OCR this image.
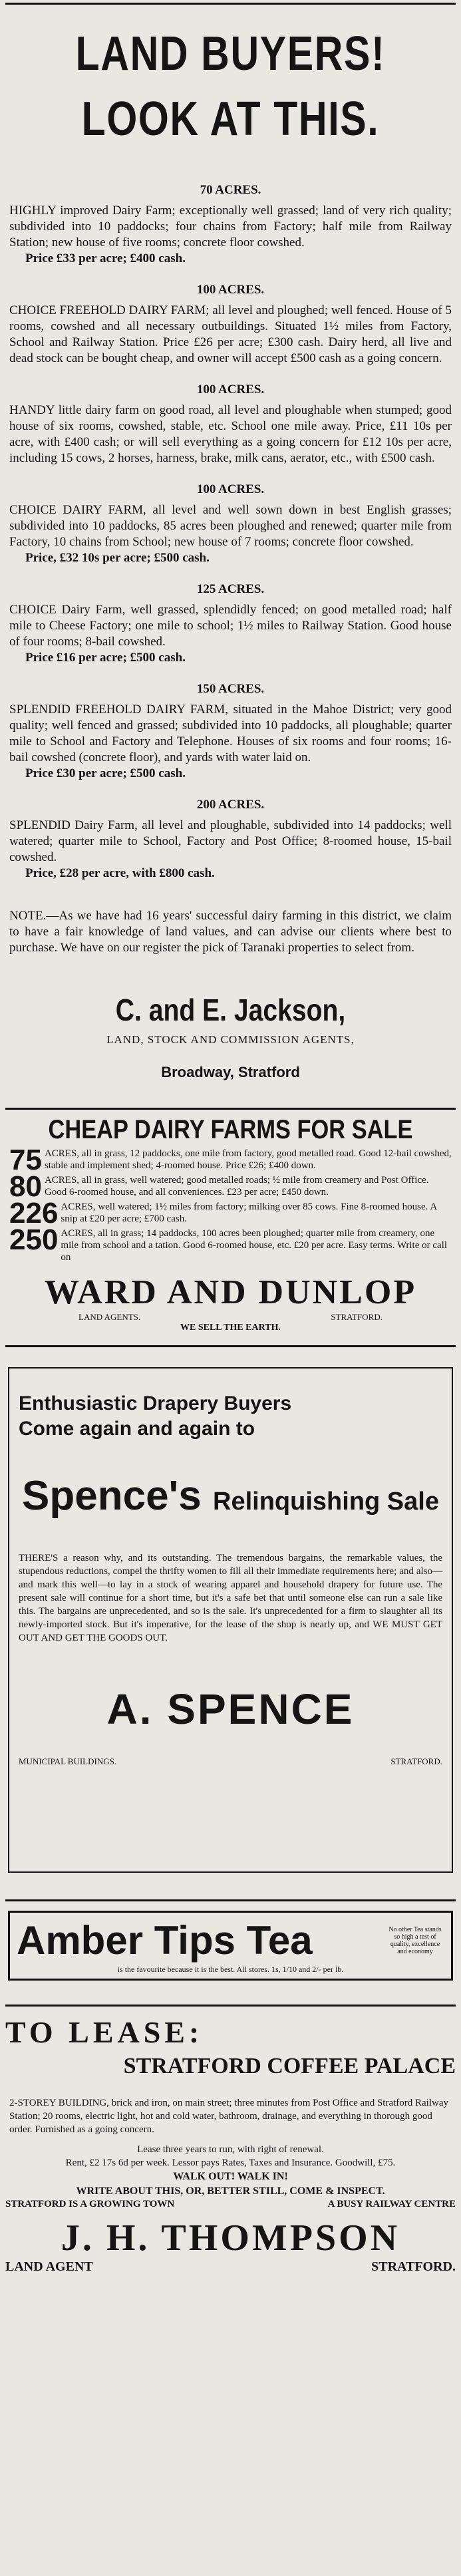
LAND BUYERS!
LOOK AT THIS.
70 ACRES.
HIGHLY improved Dairy Farm; exceptionally well grassed; land of very rich quality; subdivided into 10 paddocks; four chains from Factory; half mile from Railway Station; new house of five rooms; concrete floor cowshed.
Price £33 per acre; £400 cash.
100 ACRES.
CHOICE FREEHOLD DAIRY FARM; all level and ploughed; well fenced. House of 5 rooms, cowshed and all necessary outbuildings. Situated 1½ miles from Factory, School and Railway Station. Price £26 per acre; £300 cash. Dairy herd, all live and dead stock can be bought cheap, and owner will accept £500 cash as a going concern.
100 ACRES.
HANDY little dairy farm on good road, all level and ploughable when stumped; good house of six rooms, cowshed, stable, etc. School one mile away. Price, £11 10s per acre, with £400 cash; or will sell everything as a going concern for £12 10s per acre, including 15 cows, 2 horses, harness, brake, milk cans, aerator, etc., with £500 cash.
100 ACRES.
CHOICE DAIRY FARM, all level and well sown down in best English grasses; subdivided into 10 paddocks, 85 acres been ploughed and renewed; quarter mile from Factory, 10 chains from School; new house of 7 rooms; concrete floor cowshed.
Price, £32 10s per acre; £500 cash.
125 ACRES.
CHOICE Dairy Farm, well grassed, splendidly fenced; on good metalled road; half mile to Cheese Factory; one mile to school; 1½ miles to Railway Station. Good house of four rooms; 8-bail cowshed.
Price £16 per acre; £500 cash.
150 ACRES.
SPLENDID FREEHOLD DAIRY FARM, situated in the Mahoe District; very good quality; well fenced and grassed; subdivided into 10 paddocks, all ploughable; quarter mile to School and Factory and Telephone. Houses of six rooms and four rooms; 16-bail cowshed (concrete floor), and yards with water laid on.
Price £30 per acre; £500 cash.
200 ACRES.
SPLENDID Dairy Farm, all level and ploughable, subdivided into 14 paddocks; well watered; quarter mile to School, Factory and Post Office; 8-roomed house, 15-bail cowshed.
Price, £28 per acre, with £800 cash.
NOTE.—As we have had 16 years' successful dairy farming in this district, we claim to have a fair knowledge of land values, and can advise our clients where best to purchase. We have on our register the pick of Taranaki properties to select from.
C. and E. Jackson,
LAND, STOCK AND COMMISSION AGENTS,
Broadway, Stratford
CHEAP DAIRY FARMS FOR SALE
75 ACRES, all in grass, 12 paddocks, one mile from factory, good metalled road. Good 12-bail cowshed, stable and implement shed; 4-roomed house. Price £26; £400 down.
80 ACRES, all in grass, well watered; good metalled roads; ½ mile from creamery and Post Office. Good 6-roomed house, and all conveniences. £23 per acre; £450 down.
226 ACRES, well watered; 1½ miles from factory; milking over 85 cows. Fine 8-roomed house. A snip at £20 per acre; £700 cash.
250 ACRES, all in grass; 14 paddocks, 100 acres been ploughed; quarter mile from creamery, one mile from school and a tation. Good 6-roomed house, etc. £20 per acre. Easy terms. Write or call on
WARD AND DUNLOP
LAND AGENTS.	STRATFORD.
WE SELL THE EARTH.
Enthusiastic Drapery Buyers
Come again and again to
Spence's Relinquishing Sale
THERE'S a reason why, and its outstanding. The tremendous bargains, the remarkable values, the stupendous reductions, compel the thrifty women to fill all their immediate requirements here; and also—and mark this well—to lay in a stock of wearing apparel and household drapery for future use. The present sale will continue for a short time, but it's a safe bet that until someone else can run a sale like this. The bargains are unprecedented, and so is the sale. It's unprecedented for a firm to slaughter all its newly-imported stock. But it's imperative, for the lease of the shop is nearly up, and WE MUST GET OUT AND GET THE GOODS OUT.
A. SPENCE
MUNICIPAL BUILDINGS.	STRATFORD.
Amber Tips Tea	No other Tea stands so high a test of quality, excellence and economy
is the favourite because it is the best. All stores. 1s, 1/10 and 2/- per lb.
TO LEASE:
STRATFORD COFFEE PALACE
2-STOREY BUILDING, brick and iron, on main street; three minutes from Post Office and Stratford Railway Station; 20 rooms, electric light, hot and cold water, bathroom, drainage, and everything in thorough good order. Furnished as a going concern.
Lease three years to run, with right of renewal.
Rent, £2 17s 6d per week. Lessor pays Rates, Taxes and Insurance. Goodwill, £75.
WALK OUT! WALK IN!
WRITE ABOUT THIS, OR, BETTER STILL, COME & INSPECT.
STRATFORD IS A GROWING TOWN	A BUSY RAILWAY CENTRE
J. H. THOMPSON
LAND AGENT	STRATFORD.
